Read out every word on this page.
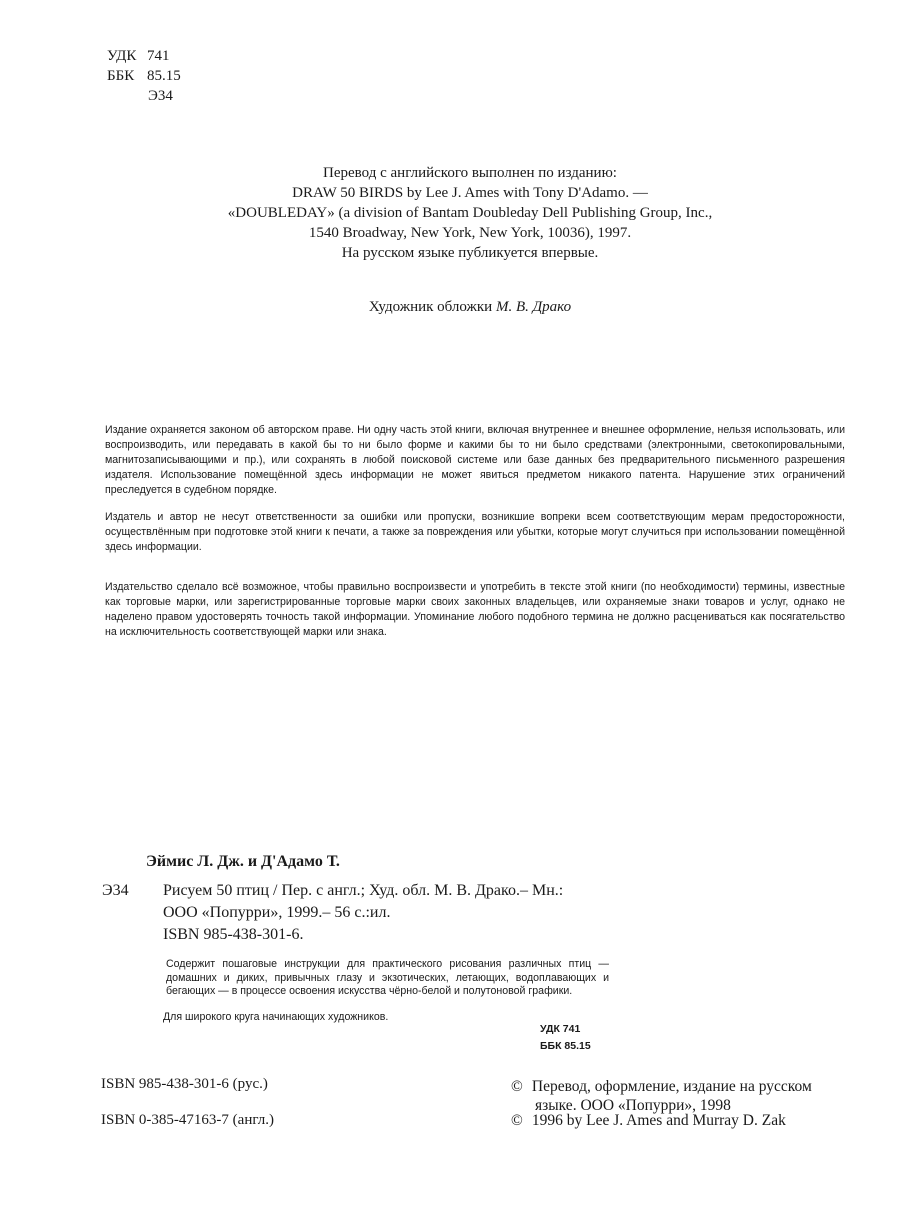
УДК 741
ББК 85.15
Э34
Перевод с английского выполнен по изданию:
DRAW 50 BIRDS by Lee J. Ames with Tony D'Adamo. —
«DOUBLEDAY» (a division of Bantam Doubleday Dell Publishing Group, Inc.,
1540 Broadway, New York, New York, 10036), 1997.
На русском языке публикуется впервые.
Художник обложки М. В. Драко
Издание охраняется законом об авторском праве. Ни одну часть этой книги, включая внутреннее и внешнее оформление, нельзя использовать, или воспроизводить, или передавать в какой бы то ни было форме и какими бы то ни было средствами (электронными, светокопировальными, магнитозаписывающими и пр.), или сохранять в любой поисковой системе или базе данных без предварительного письменного разрешения издателя. Использование помещённой здесь информации не может явиться предметом никакого патента. Нарушение этих ограничений преследуется в судебном порядке.
Издатель и автор не несут ответственности за ошибки или пропуски, возникшие вопреки всем соответствующим мерам предосторожности, осуществлённым при подготовке этой книги к печати, а также за повреждения или убытки, которые могут случиться при использовании помещённой здесь информации.
Издательство сделало всё возможное, чтобы правильно воспроизвести и употребить в тексте этой книги (по необходимости) термины, известные как торговые марки, или зарегистрированные торговые марки своих законных владельцев, или охраняемые знаки товаров и услуг, однако не наделено правом удостоверять точность такой информации. Упоминание любого подобного термина не должно расцениваться как посягательство на исключительность соответствующей марки или знака.
Эймис Л. Дж. и Д'Адамо Т.
Э34 Рисуем 50 птиц / Пер. с англ.; Худ. обл. М. В. Драко.– Мн.:
ООО «Попурри», 1999.– 56 с.:ил.
ISBN 985-438-301-6.
Содержит пошаговые инструкции для практического рисования различных птиц — домашних и диких, привычных глазу и экзотических, летающих, водоплавающих и бегающих — в процессе освоения искусства чёрно-белой и полутоновой графики.
Для широкого круга начинающих художников.
УДК 741
ББК 85.15
ISBN 985-438-301-6 (рус.)
ISBN 0-385-47163-7 (англ.)
© Перевод, оформление, издание на русском
языке. ООО «Попурри», 1998
© 1996 by Lee J. Ames and Murray D. Zak
